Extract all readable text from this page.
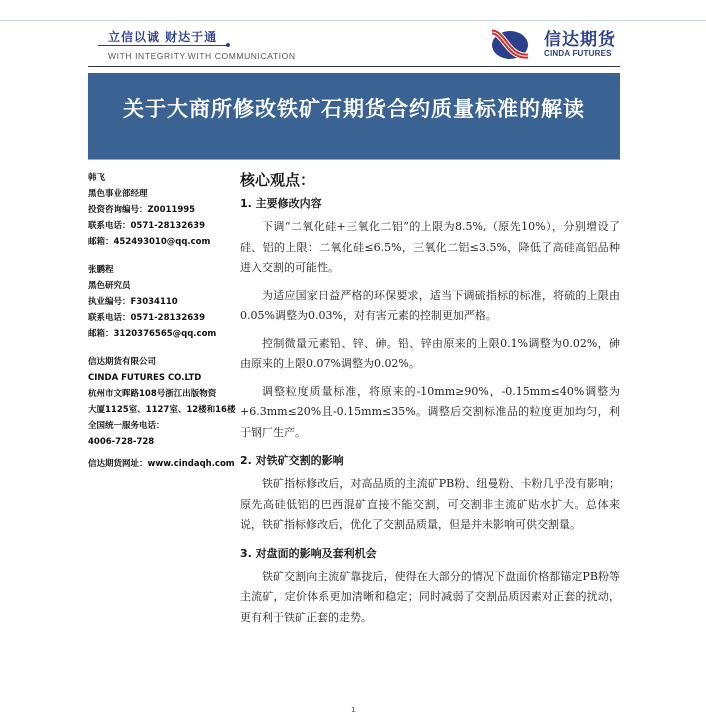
立信以诚 财达于通
WITH INTEGRITY.WITH COMMUNICATION
信达期货
CINDA FUTURES
关于大商所修改铁矿石期货合约质量标准的解读
韩飞
黑色事业部经理
投资咨询编号：Z0011995
联系电话：0571-28132639
邮箱：452493010@qq.com
张鹏程
黑色研究员
执业编号：F3034110
联系电话：0571-28132639
邮箱：3120376565@qq.com
信达期货有限公司
CINDA FUTURES CO.LTD
杭州市文晖路108号浙江出版物资
大厦1125室、1127室、12楼和16楼
全国统一服务电话：
4006-728-728
信达期货网址：www.cindaqh.com
核心观点：
1. 主要修改内容

下调“二氧化硅+三氧化二铝”的上限为8.5%,（原先10%），分别增设了硅、铝的上限：二氧化硅≤6.5%，三氧化二铝≤3.5%，降低了高硅高铝品种进入交割的可能性。

为适应国家日益严格的环保要求，适当下调硫指标的标准，将硫的上限由0.05%调整为0.03%，对有害元素的控制更加严格。

控制微量元素铅、锌、砷。铅、锌由原来的上限0.1%调整为0.02%，砷由原来的上限0.07%调整为0.02%。

调整粒度质量标准，将原来的-10mm≥90%，-0.15mm≤40%调整为+6.3mm≤20%且-0.15mm≤35%。调整后交割标准品的粒度更加均匀，利于钢厂生产。

2. 对铁矿交割的影响

铁矿指标修改后，对高品质的主流矿PB粉、纽曼粉、卡粉几乎没有影响；原先高硅低铝的巴西混矿直接不能交割，可交割非主流矿贴水扩大。总体来说，铁矿指标修改后，优化了交割品质量，但是并未影响可供交割量。

3. 对盘面的影响及套利机会

铁矿交割向主流矿靠拢后，使得在大部分的情况下盘面价格都锚定PB粉等主流矿，定价体系更加清晰和稳定；同时减弱了交割品质因素对正套的扰动，更有利于铁矿正套的走势。

1
